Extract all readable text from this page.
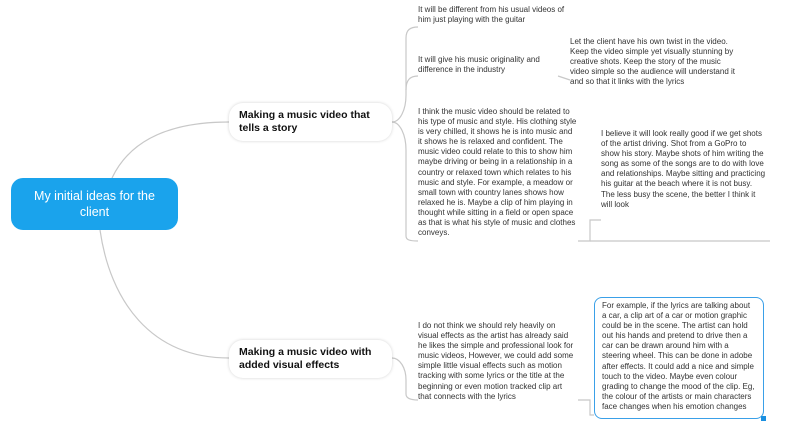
My initial ideas for the client
Making a music video that tells a story
Making a music video with added visual effects
It will be different from his usual videos of him just playing with the guitar
It will give his music originality and difference in the industry
Let the client have his own twist in the video. Keep the video simple yet visually stunning by creative shots. Keep the story of the music video simple so the audience will understand it and so that it links with the lyrics
I think the music video should be related to his type of music and style. His clothing style is very chilled, it shows he is into music and it shows he is relaxed and confident. The music video could relate to this to show him maybe driving or being in a relationship in a country or relaxed town which relates to his music and style. For example, a meadow or small town with country lanes shows how relaxed he is. Maybe a clip of him playing in thought while sitting in a field or open space as that is what his style of music and clothes conveys.
I believe it will look really good if we get shots of the artist driving. Shot from a GoPro to show his story. Maybe shots of him writing the song as some of the songs are to do with love and relationships. Maybe sitting and practicing his guitar at the beach where it is not busy. The less busy the scene, the better I think it will look
I do not think we should rely heavily on visual effects as the artist has already said he likes the simple and professional look for music videos, However, we could add some simple little visual effects such as motion tracking with some lyrics or the title at the beginning or even motion tracked clip art that connects with the lyrics
For example, if the lyrics are talking about a car, a clip art of a car or motion graphic could be in the scene. The artist can hold out his hands and pretend to drive then a car can be drawn around him with a steering wheel. This can be done in adobe after effects. It could add a nice and simple touch to the video. Maybe even colour grading to change the mood of the clip. Eg, the colour of the artists or main characters face changes when his emotion changes
